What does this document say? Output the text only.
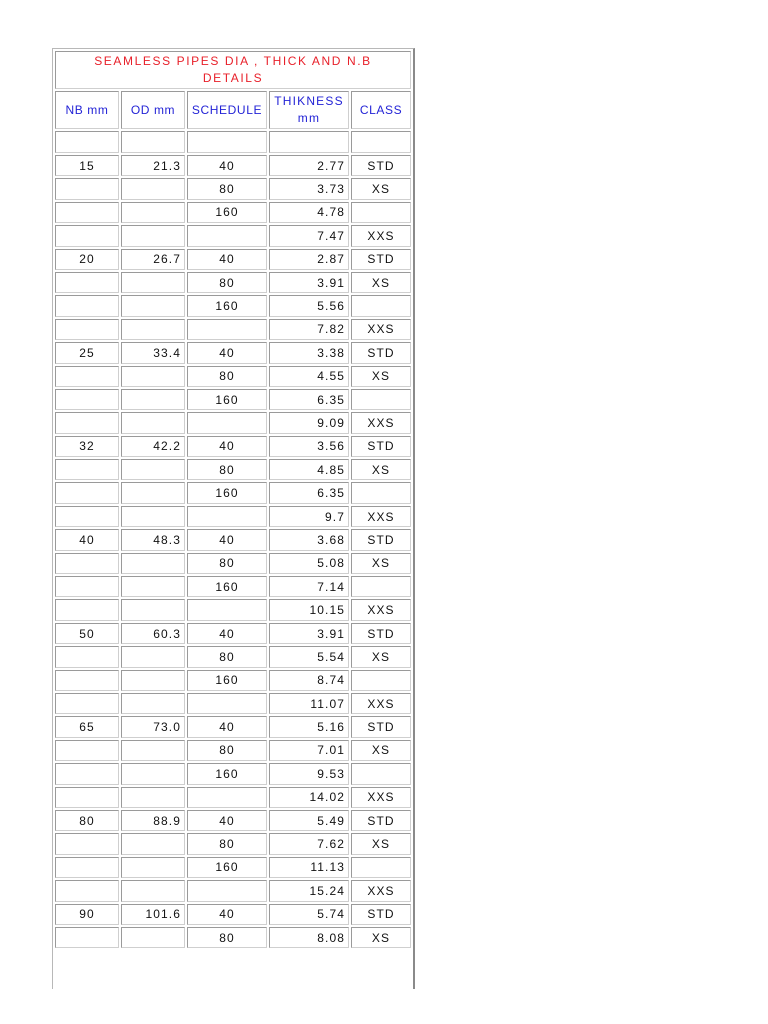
SEAMLESS PIPES DIA , THICK AND N.B
DETAILS				

NB mm	OD mm	SCHEDULE	THIKNESS mm	CLASS

15	21.3	40	2.77	STD
		80	3.73	XS
		160	4.78	
			7.47	XXS
20	26.7	40	2.87	STD
		80	3.91	XS
		160	5.56	
			7.82	XXS
25	33.4	40	3.38	STD
		80	4.55	XS
		160	6.35	
			9.09	XXS
32	42.2	40	3.56	STD
		80	4.85	XS
		160	6.35	
			9.7	XXS
40	48.3	40	3.68	STD
		80	5.08	XS
		160	7.14	
			10.15	XXS
50	60.3	40	3.91	STD
		80	5.54	XS
		160	8.74	
			11.07	XXS
65	73.0	40	5.16	STD
		80	7.01	XS
		160	9.53	
			14.02	XXS
80	88.9	40	5.49	STD
		80	7.62	XS
		160	11.13	
			15.24	XXS
90	101.6	40	5.74	STD
		80	8.08	XS
